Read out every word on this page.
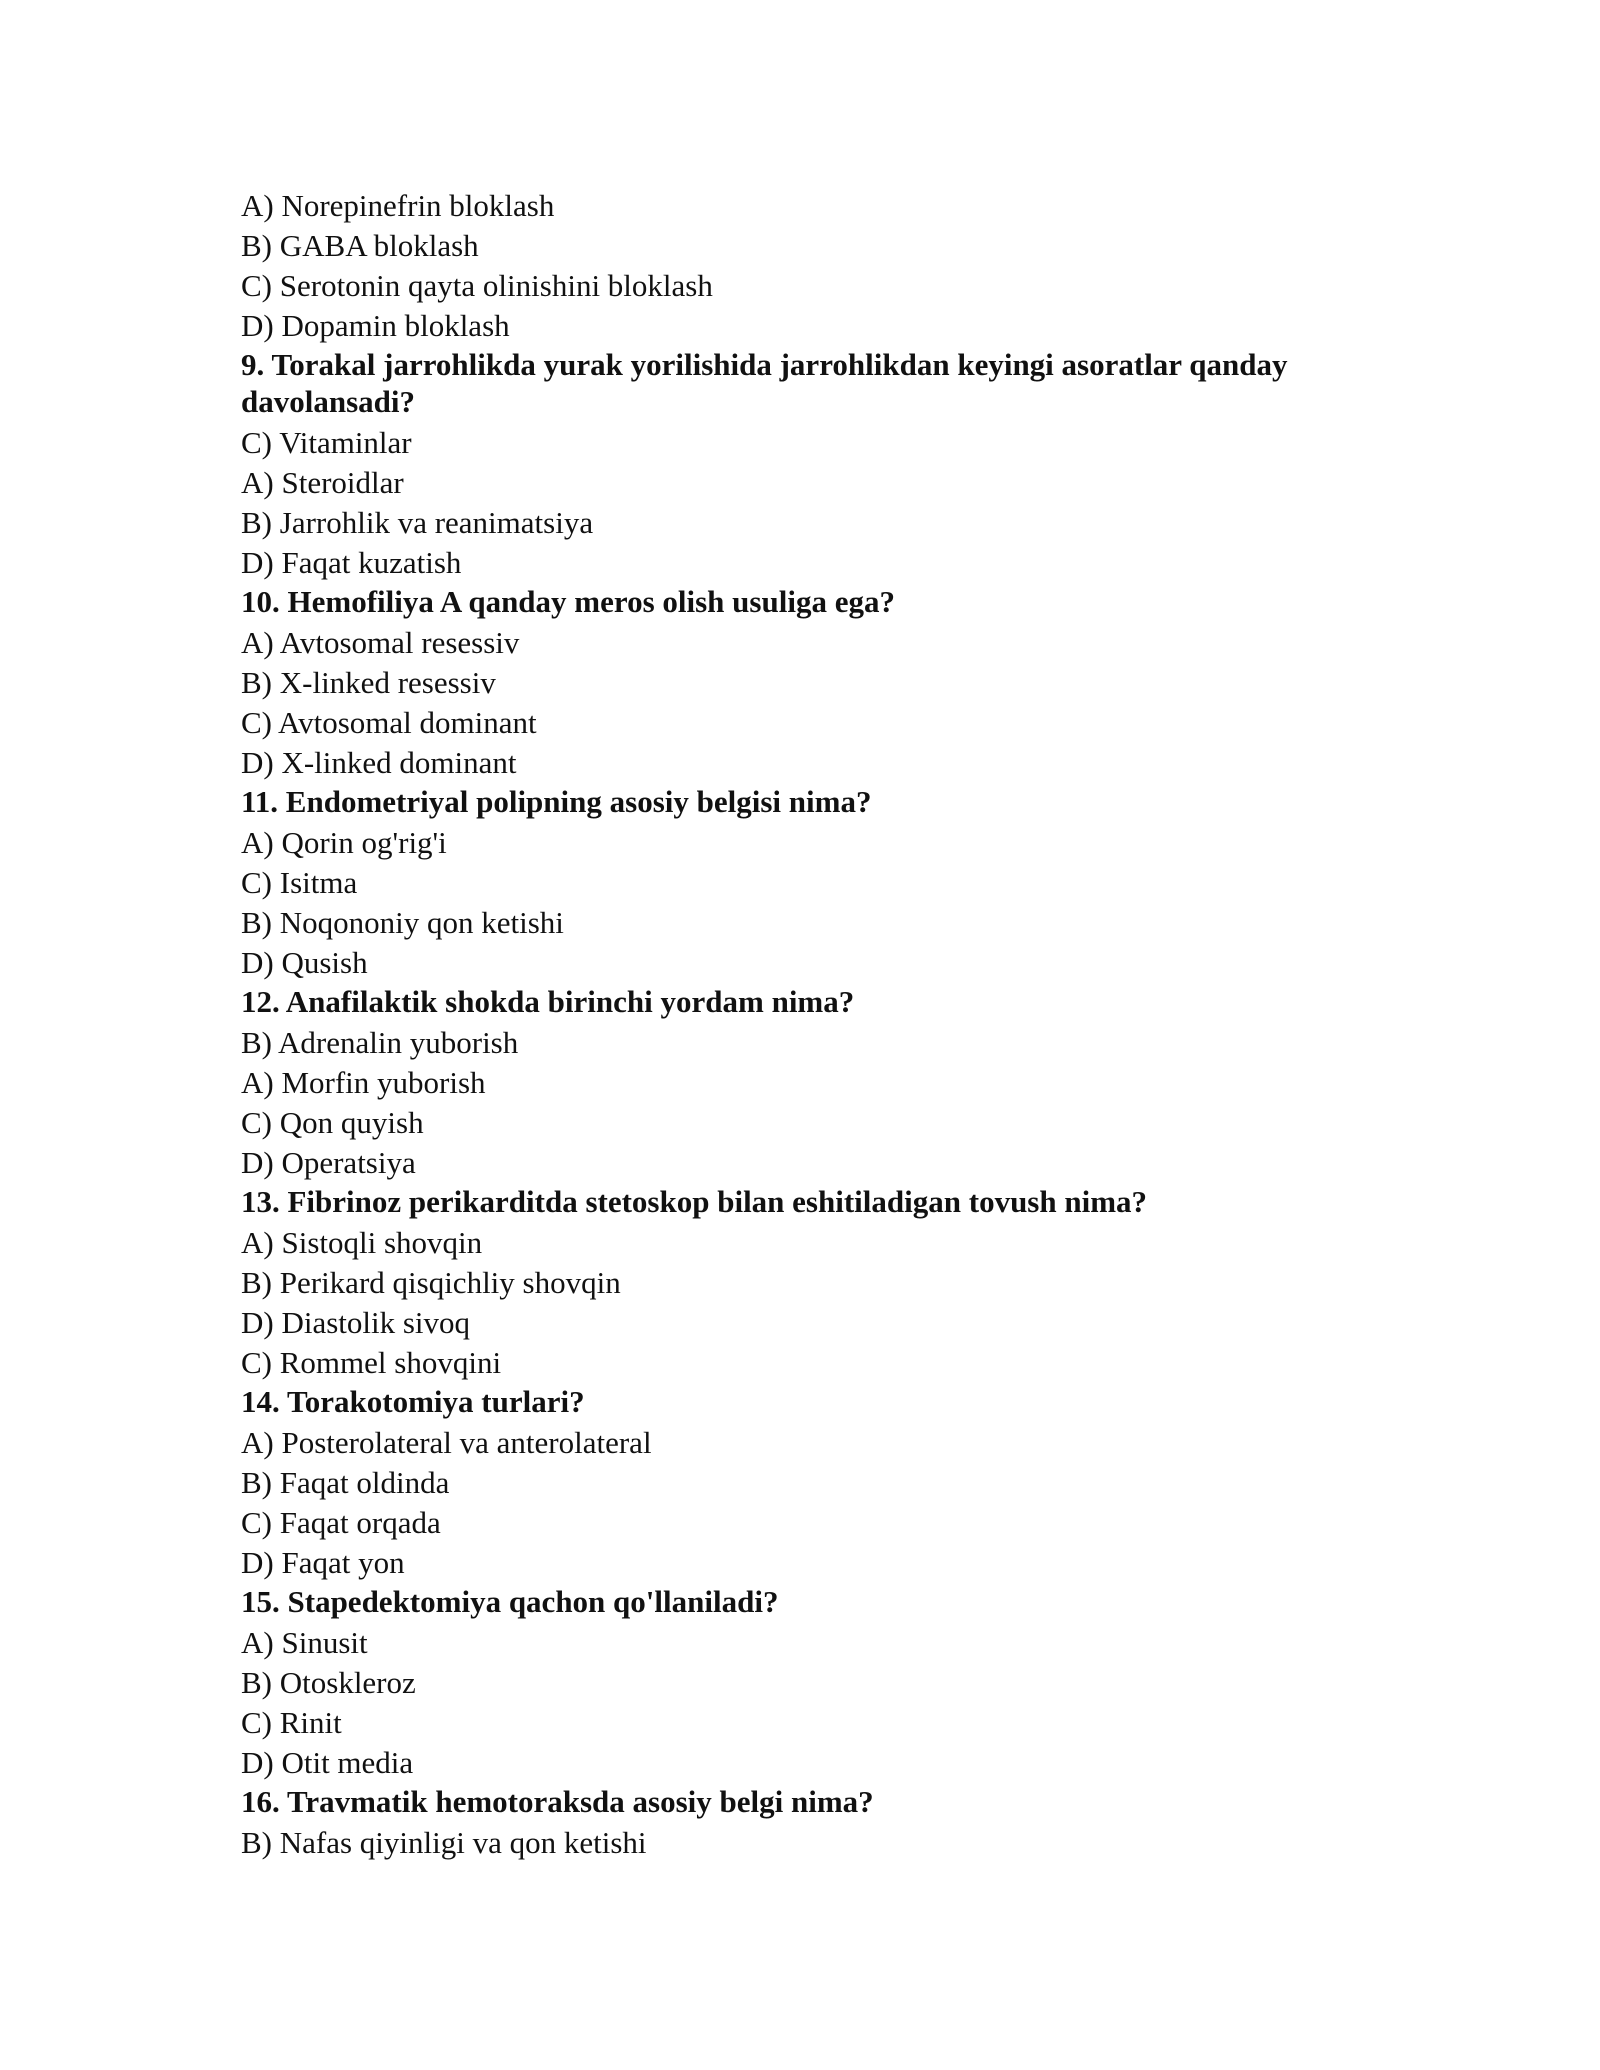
A) Norepinefrin bloklash
B) GABA bloklash
C) Serotonin qayta olinishini bloklash
D) Dopamin bloklash
9. Torakal jarrohlikda yurak yorilishida jarrohlikdan keyingi asoratlar qanday davolansadi?
C) Vitaminlar
A) Steroidlar
B) Jarrohlik va reanimatsiya
D) Faqat kuzatish
10. Hemofiliya A qanday meros olish usuliga ega?
A) Avtosomal resessiv
B) X-linked resessiv
C) Avtosomal dominant
D) X-linked dominant
11. Endometriyal polipning asosiy belgisi nima?
A) Qorin og'rig'i
C) Isitma
B) Noqononiy qon ketishi
D) Qusish
12. Anafilaktik shokda birinchi yordam nima?
B) Adrenalin yuborish
A) Morfin yuborish
C) Qon quyish
D) Operatsiya
13. Fibrinoz perikarditda stetoskop bilan eshitiladigan tovush nima?
A) Sistoqli shovqin
B) Perikard qisqichliy shovqin
D) Diastolik sivoq
C) Rommel shovqini
14. Torakotomiya turlari?
A) Posterolateral va anterolateral
B) Faqat oldinda
C) Faqat orqada
D) Faqat yon
15. Stapedektomiya qachon qo'llaniladi?
A) Sinusit
B) Otoskleroz
C) Rinit
D) Otit media
16. Travmatik hemotoraksda asosiy belgi nima?
B) Nafas qiyinligi va qon ketishi
